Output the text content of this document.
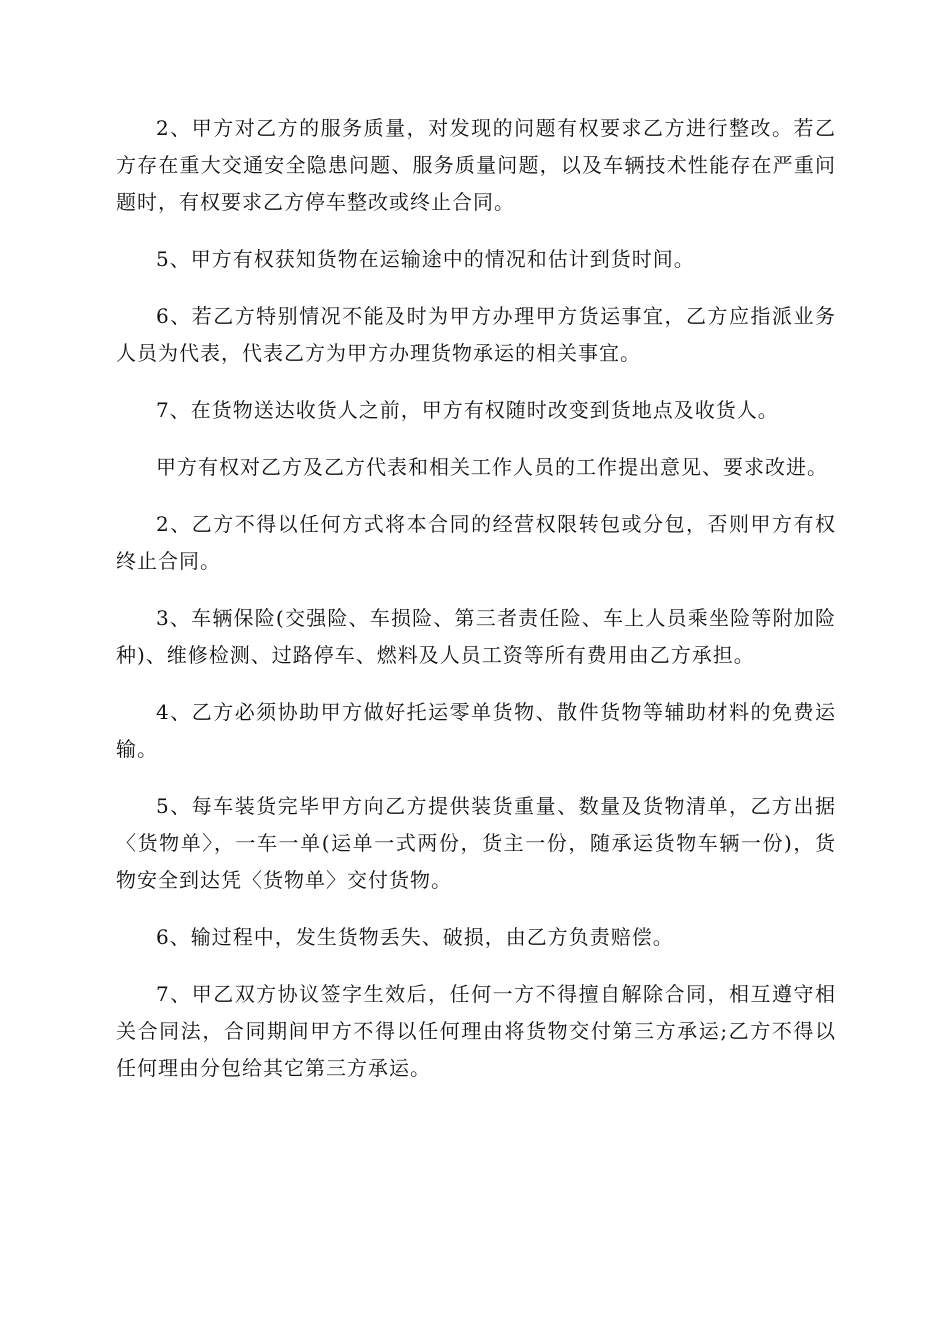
2、甲方对乙方的服务质量，对发现的问题有权要求乙方进行整改。若乙方存在重大交通安全隐患问题、服务质量问题，以及车辆技术性能存在严重问题时，有权要求乙方停车整改或终止合同。

5、甲方有权获知货物在运输途中的情况和估计到货时间。

6、若乙方特别情况不能及时为甲方办理甲方货运事宜，乙方应指派业务人员为代表，代表乙方为甲方办理货物承运的相关事宜。

7、在货物送达收货人之前，甲方有权随时改变到货地点及收货人。

甲方有权对乙方及乙方代表和相关工作人员的工作提出意见、要求改进。

2、乙方不得以任何方式将本合同的经营权限转包或分包，否则甲方有权终止合同。

3、车辆保险(交强险、车损险、第三者责任险、车上人员乘坐险等附加险种)、维修检测、过路停车、燃料及人员工资等所有费用由乙方承担。

4、乙方必须协助甲方做好托运零单货物、散件货物等辅助材料的免费运输。

5、每车装货完毕甲方向乙方提供装货重量、数量及货物清单，乙方出据〈货物单〉，一车一单(运单一式两份，货主一份，随承运货物车辆一份)，货物安全到达凭〈货物单〉交付货物。

6、输过程中，发生货物丢失、破损，由乙方负责赔偿。

7、甲乙双方协议签字生效后，任何一方不得擅自解除合同，相互遵守相关合同法，合同期间甲方不得以任何理由将货物交付第三方承运;乙方不得以任何理由分包给其它第三方承运。
